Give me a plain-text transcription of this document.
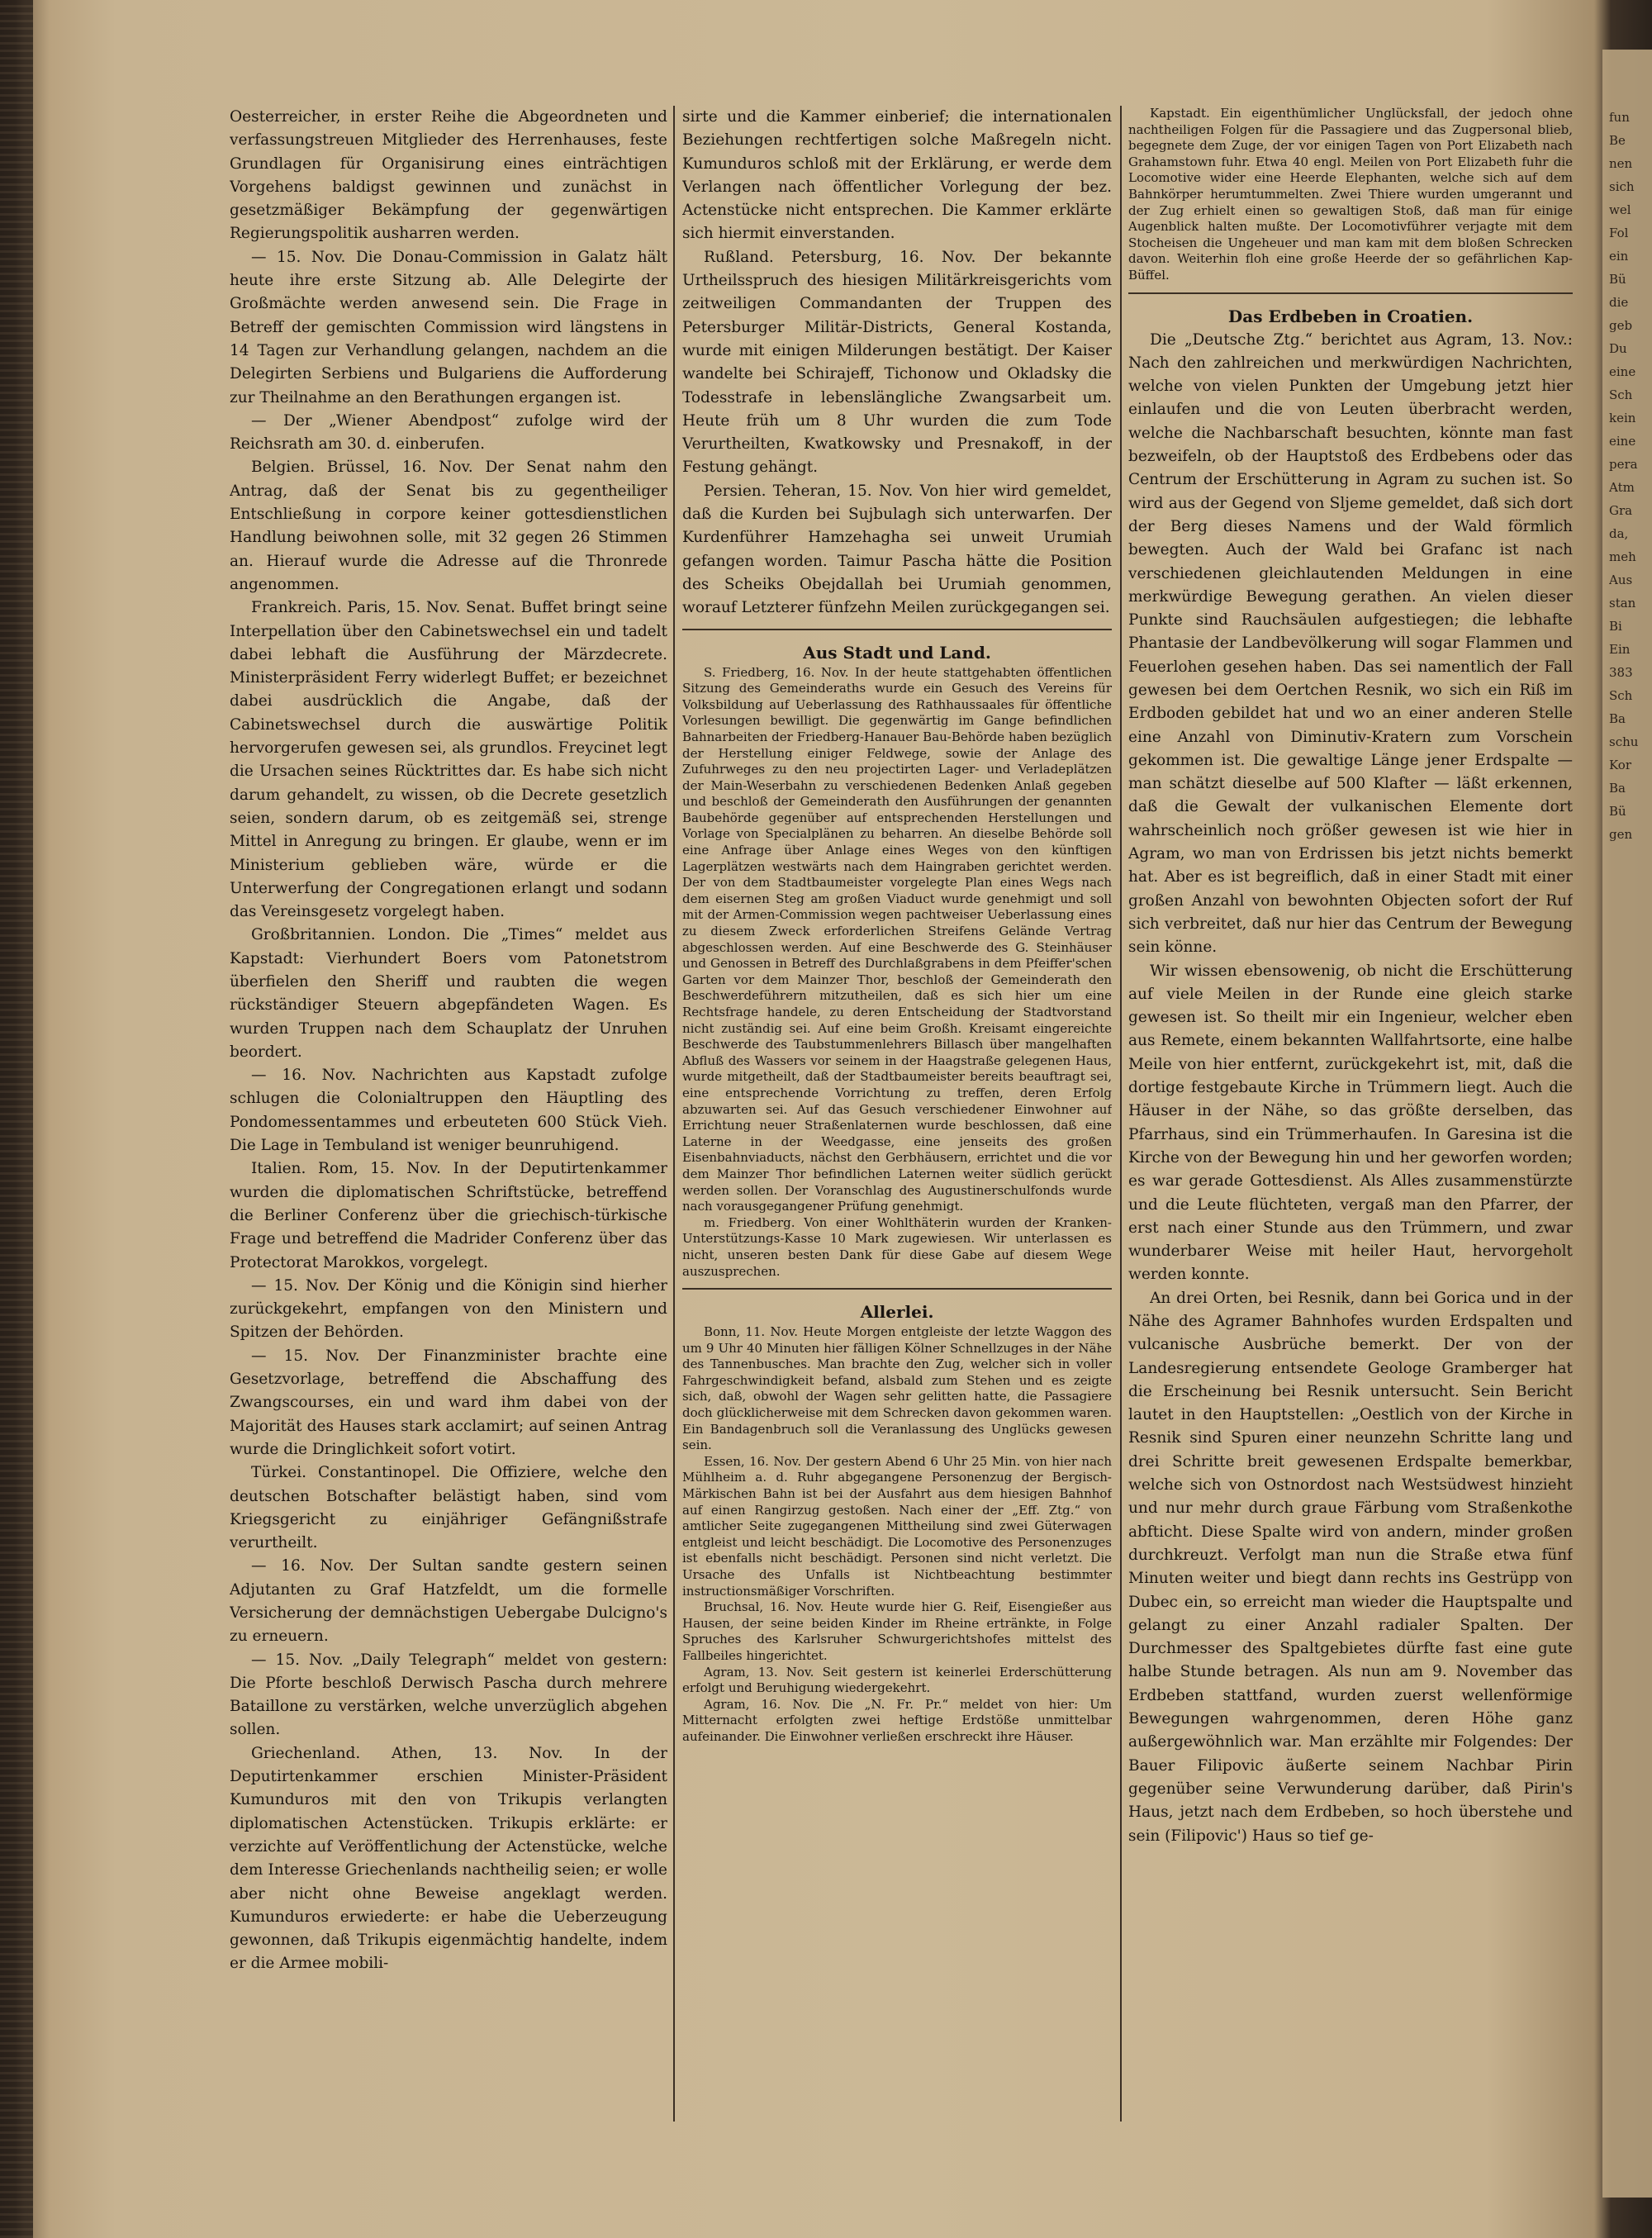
Oesterreicher, in erster Reihe die Abgeordneten und verfassungstreuen Mitglieder des Herrenhauses, feste Grundlagen für Organisirung eines einträchtigen Vorgehens baldigst gewinnen und zunächst in gesetzmäßiger Bekämpfung der gegenwärtigen Regierungspolitik ausharren werden.

— 15. Nov. Die Donau-Commission in Galatz hält heute ihre erste Sitzung ab. Alle Delegirte der Großmächte werden anwesend sein. Die Frage in Betreff der gemischten Commission wird längstens in 14 Tagen zur Verhandlung gelangen, nachdem an die Delegirten Serbiens und Bulgariens die Aufforderung zur Theilnahme an den Berathungen ergangen ist.

— Der „Wiener Abendpost“ zufolge wird der Reichsrath am 30. d. einberufen.

Belgien. Brüssel, 16. Nov. Der Senat nahm den Antrag, daß der Senat bis zu gegentheiliger Entschließung in corpore keiner gottesdienstlichen Handlung beiwohnen solle, mit 32 gegen 26 Stimmen an. Hierauf wurde die Adresse auf die Thronrede angenommen.

Frankreich. Paris, 15. Nov. Senat. Buffet bringt seine Interpellation über den Cabinetswechsel ein und tadelt dabei lebhaft die Ausführung der Märzdecrete. Ministerpräsident Ferry widerlegt Buffet; er bezeichnet dabei ausdrücklich die Angabe, daß der Cabinetswechsel durch die auswärtige Politik hervorgerufen gewesen sei, als grundlos. Freycinet legt die Ursachen seines Rücktrittes dar. Es habe sich nicht darum gehandelt, zu wissen, ob die Decrete gesetzlich seien, sondern darum, ob es zeitgemäß sei, strenge Mittel in Anregung zu bringen. Er glaube, wenn er im Ministerium geblieben wäre, würde er die Unterwerfung der Congregationen erlangt und sodann das Vereinsgesetz vorgelegt haben.

Großbritannien. London. Die „Times“ meldet aus Kapstadt: Vierhundert Boers vom Patonetstrom überfielen den Sheriff und raubten die wegen rückständiger Steuern abgepfändeten Wagen. Es wurden Truppen nach dem Schauplatz der Unruhen beordert.

— 16. Nov. Nachrichten aus Kapstadt zufolge schlugen die Colonialtruppen den Häuptling des Pondomessentammes und erbeuteten 600 Stück Vieh. Die Lage in Tembuland ist weniger beunruhigend.

Italien. Rom, 15. Nov. In der Deputirtenkammer wurden die diplomatischen Schriftstücke, betreffend die Berliner Conferenz über die griechisch-türkische Frage und betreffend die Madrider Conferenz über das Protectorat Marokkos, vorgelegt.

— 15. Nov. Der König und die Königin sind hierher zurückgekehrt, empfangen von den Ministern und Spitzen der Behörden.

— 15. Nov. Der Finanzminister brachte eine Gesetzvorlage, betreffend die Abschaffung des Zwangscourses, ein und ward ihm dabei von der Majorität des Hauses stark acclamirt; auf seinen Antrag wurde die Dringlichkeit sofort votirt.

Türkei. Constantinopel. Die Offiziere, welche den deutschen Botschafter belästigt haben, sind vom Kriegsgericht zu einjähriger Gefängnißstrafe verurtheilt.

— 16. Nov. Der Sultan sandte gestern seinen Adjutanten zu Graf Hatzfeldt, um die formelle Versicherung der demnächstigen Uebergabe Dulcigno's zu erneuern.

— 15. Nov. „Daily Telegraph“ meldet von gestern: Die Pforte beschloß Derwisch Pascha durch mehrere Bataillone zu verstärken, welche unverzüglich abgehen sollen.

Griechenland. Athen, 13. Nov. In der Deputirtenkammer erschien Minister-Präsident Kumunduros mit den von Trikupis verlangten diplomatischen Actenstücken. Trikupis erklärte: er verzichte auf Veröffentlichung der Actenstücke, welche dem Interesse Griechenlands nachtheilig seien; er wolle aber nicht ohne Beweise angeklagt werden. Kumunduros erwiederte: er habe die Ueberzeugung gewonnen, daß Trikupis eigenmächtig handelte, indem er die Armee mobili-

sirte und die Kammer einberief; die internationalen Beziehungen rechtfertigen solche Maßregeln nicht. Kumunduros schloß mit der Erklärung, er werde dem Verlangen nach öffentlicher Vorlegung der bez. Actenstücke nicht entsprechen. Die Kammer erklärte sich hiermit einverstanden.

Rußland. Petersburg, 16. Nov. Der bekannte Urtheilsspruch des hiesigen Militärkreisgerichts vom zeitweiligen Commandanten der Truppen des Petersburger Militär-Districts, General Kostanda, wurde mit einigen Milderungen bestätigt. Der Kaiser wandelte bei Schirajeff, Tichonow und Okladsky die Todesstrafe in lebenslängliche Zwangsarbeit um. Heute früh um 8 Uhr wurden die zum Tode Verurtheilten, Kwatkowsky und Presnakoff, in der Festung gehängt.

Persien. Teheran, 15. Nov. Von hier wird gemeldet, daß die Kurden bei Sujbulagh sich unterwarfen. Der Kurdenführer Hamzehagha sei unweit Urumiah gefangen worden. Taimur Pascha hätte die Position des Scheiks Obejdallah bei Urumiah genommen, worauf Letzterer fünfzehn Meilen zurückgegangen sei.

Aus Stadt und Land.

S. Friedberg, 16. Nov. In der heute stattgehabten öffentlichen Sitzung des Gemeinderaths wurde ein Gesuch des Vereins für Volksbildung auf Ueberlassung des Rathhaussaales für öffentliche Vorlesungen bewilligt. Die gegenwärtig im Gange befindlichen Bahnarbeiten der Friedberg-Hanauer Bau-Behörde haben bezüglich der Herstellung einiger Feldwege, sowie der Anlage des Zufuhrweges zu den neu projectirten Lager- und Verladeplätzen der Main-Weserbahn zu verschiedenen Bedenken Anlaß gegeben und beschloß der Gemeinderath den Ausführungen der genannten Baubehörde gegenüber auf entsprechenden Herstellungen und Vorlage von Specialplänen zu beharren. An dieselbe Behörde soll eine Anfrage über Anlage eines Weges von den künftigen Lagerplätzen westwärts nach dem Haingraben gerichtet werden. Der von dem Stadtbaumeister vorgelegte Plan eines Wegs nach dem eisernen Steg am großen Viaduct wurde genehmigt und soll mit der Armen-Commission wegen pachtweiser Ueberlassung eines zu diesem Zweck erforderlichen Streifens Gelände Vertrag abgeschlossen werden. Auf eine Beschwerde des G. Steinhäuser und Genossen in Betreff des Durchlaßgrabens in dem Pfeiffer'schen Garten vor dem Mainzer Thor, beschloß der Gemeinderath den Beschwerdeführern mitzutheilen, daß es sich hier um eine Rechtsfrage handele, zu deren Entscheidung der Stadtvorstand nicht zuständig sei. Auf eine beim Großh. Kreisamt eingereichte Beschwerde des Taubstummenlehrers Billasch über mangelhaften Abfluß des Wassers vor seinem in der Haagstraße gelegenen Haus, wurde mitgetheilt, daß der Stadtbaumeister bereits beauftragt sei, eine entsprechende Vorrichtung zu treffen, deren Erfolg abzuwarten sei. Auf das Gesuch verschiedener Einwohner auf Errichtung neuer Straßenlaternen wurde beschlossen, daß eine Laterne in der Weedgasse, eine jenseits des großen Eisenbahnviaducts, nächst den Gerbhäusern, errichtet und die vor dem Mainzer Thor befindlichen Laternen weiter südlich gerückt werden sollen. Der Voranschlag des Augustinerschulfonds wurde nach vorausgegangener Prüfung genehmigt.

m. Friedberg. Von einer Wohlthäterin wurden der Kranken-Unterstützungs-Kasse 10 Mark zugewiesen. Wir unterlassen es nicht, unseren besten Dank für diese Gabe auf diesem Wege auszusprechen.

Allerlei.

Bonn, 11. Nov. Heute Morgen entgleiste der letzte Waggon des um 9 Uhr 40 Minuten hier fälligen Kölner Schnellzuges in der Nähe des Tannenbusches. Man brachte den Zug, welcher sich in voller Fahrgeschwindigkeit befand, alsbald zum Stehen und es zeigte sich, daß, obwohl der Wagen sehr gelitten hatte, die Passagiere doch glücklicherweise mit dem Schrecken davon gekommen waren. Ein Bandagenbruch soll die Veranlassung des Unglücks gewesen sein.

Essen, 16. Nov. Der gestern Abend 6 Uhr 25 Min. von hier nach Mühlheim a. d. Ruhr abgegangene Personenzug der Bergisch-Märkischen Bahn ist bei der Ausfahrt aus dem hiesigen Bahnhof auf einen Rangirzug gestoßen. Nach einer der „Eff. Ztg.“ von amtlicher Seite zugegangenen Mittheilung sind zwei Güterwagen entgleist und leicht beschädigt. Die Locomotive des Personenzuges ist ebenfalls nicht beschädigt. Personen sind nicht verletzt. Die Ursache des Unfalls ist Nichtbeachtung bestimmter instructionsmäßiger Vorschriften.

Bruchsal, 16. Nov. Heute wurde hier G. Reif, Eisengießer aus Hausen, der seine beiden Kinder im Rheine ertränkte, in Folge Spruches des Karlsruher Schwurgerichtshofes mittelst des Fallbeiles hingerichtet.

Agram, 13. Nov. Seit gestern ist keinerlei Erderschütterung erfolgt und Beruhigung wiedergekehrt.

Agram, 16. Nov. Die „N. Fr. Pr.“ meldet von hier: Um Mitternacht erfolgten zwei heftige Erdstöße unmittelbar aufeinander. Die Einwohner verließen erschreckt ihre Häuser.

Kapstadt. Ein eigenthümlicher Unglücksfall, der jedoch ohne nachtheiligen Folgen für die Passagiere und das Zugpersonal blieb, begegnete dem Zuge, der vor einigen Tagen von Port Elizabeth nach Grahamstown fuhr. Etwa 40 engl. Meilen von Port Elizabeth fuhr die Locomotive wider eine Heerde Elephanten, welche sich auf dem Bahnkörper herumtummelten. Zwei Thiere wurden umgerannt und der Zug erhielt einen so gewaltigen Stoß, daß man für einige Augenblick halten mußte. Der Locomotivführer verjagte mit dem Stocheisen die Ungeheuer und man kam mit dem bloßen Schrecken davon. Weiterhin floh eine große Heerde der so gefährlichen Kap-Büffel.

Das Erdbeben in Croatien.

Die „Deutsche Ztg.“ berichtet aus Agram, 13. Nov.: Nach den zahlreichen und merkwürdigen Nachrichten, welche von vielen Punkten der Umgebung jetzt hier einlaufen und die von Leuten überbracht werden, welche die Nachbarschaft besuchten, könnte man fast bezweifeln, ob der Hauptstoß des Erdbebens oder das Centrum der Erschütterung in Agram zu suchen ist. So wird aus der Gegend von Sljeme gemeldet, daß sich dort der Berg dieses Namens und der Wald förmlich bewegten. Auch der Wald bei Grafanc ist nach verschiedenen gleichlautenden Meldungen in eine merkwürdige Bewegung gerathen. An vielen dieser Punkte sind Rauchsäulen aufgestiegen; die lebhafte Phantasie der Landbevölkerung will sogar Flammen und Feuerlohen gesehen haben. Das sei namentlich der Fall gewesen bei dem Oertchen Resnik, wo sich ein Riß im Erdboden gebildet hat und wo an einer anderen Stelle eine Anzahl von Diminutiv-Kratern zum Vorschein gekommen ist. Die gewaltige Länge jener Erdspalte — man schätzt dieselbe auf 500 Klafter — läßt erkennen, daß die Gewalt der vulkanischen Elemente dort wahrscheinlich noch größer gewesen ist wie hier in Agram, wo man von Erdrissen bis jetzt nichts bemerkt hat. Aber es ist begreiflich, daß in einer Stadt mit einer großen Anzahl von bewohnten Objecten sofort der Ruf sich verbreitet, daß nur hier das Centrum der Bewegung sein könne.

Wir wissen ebensowenig, ob nicht die Erschütterung auf viele Meilen in der Runde eine gleich starke gewesen ist. So theilt mir ein Ingenieur, welcher eben aus Remete, einem bekannten Wallfahrtsorte, eine halbe Meile von hier entfernt, zurückgekehrt ist, mit, daß die dortige festgebaute Kirche in Trümmern liegt. Auch die Häuser in der Nähe, so das größte derselben, das Pfarrhaus, sind ein Trümmerhaufen. In Garesina ist die Kirche von der Bewegung hin und her geworfen worden; es war gerade Gottesdienst. Als Alles zusammenstürzte und die Leute flüchteten, vergaß man den Pfarrer, der erst nach einer Stunde aus den Trümmern, und zwar wunderbarer Weise mit heiler Haut, hervorgeholt werden konnte.

An drei Orten, bei Resnik, dann bei Gorica und in der Nähe des Agramer Bahnhofes wurden Erdspalten und vulcanische Ausbrüche bemerkt. Der von der Landesregierung entsendete Geologe Gramberger hat die Erscheinung bei Resnik untersucht. Sein Bericht lautet in den Hauptstellen: „Oestlich von der Kirche in Resnik sind Spuren einer neunzehn Schritte lang und drei Schritte breit gewesenen Erdspalte bemerkbar, welche sich von Ostnordost nach Westsüdwest hinzieht und nur mehr durch graue Färbung vom Straßenkothe abfticht. Diese Spalte wird von andern, minder großen durchkreuzt. Verfolgt man nun die Straße etwa fünf Minuten weiter und biegt dann rechts ins Gestrüpp von Dubec ein, so erreicht man wieder die Hauptspalte und gelangt zu einer Anzahl radialer Spalten. Der Durchmesser des Spaltgebietes dürfte fast eine gute halbe Stunde betragen. Als nun am 9. November das Erdbeben stattfand, wurden zuerst wellenförmige Bewegungen wahrgenommen, deren Höhe ganz außergewöhnlich war. Man erzählte mir Folgendes: Der Bauer Filipovic äußerte seinem Nachbar Pirin gegenüber seine Verwunderung darüber, daß Pirin's Haus, jetzt nach dem Erdbeben, so hoch überstehe und sein (Filipovic') Haus so tief ge-

fun
Be
nen
sich
wel
Fol
ein
Bü
die
geb
Du
eine
Sch
kein
eine
pera
Atm
Gra
da,
meh
Aus
stan
Bi
Ein
383
Sch
Ba
schu
Kor
Ba
Bü
gen
